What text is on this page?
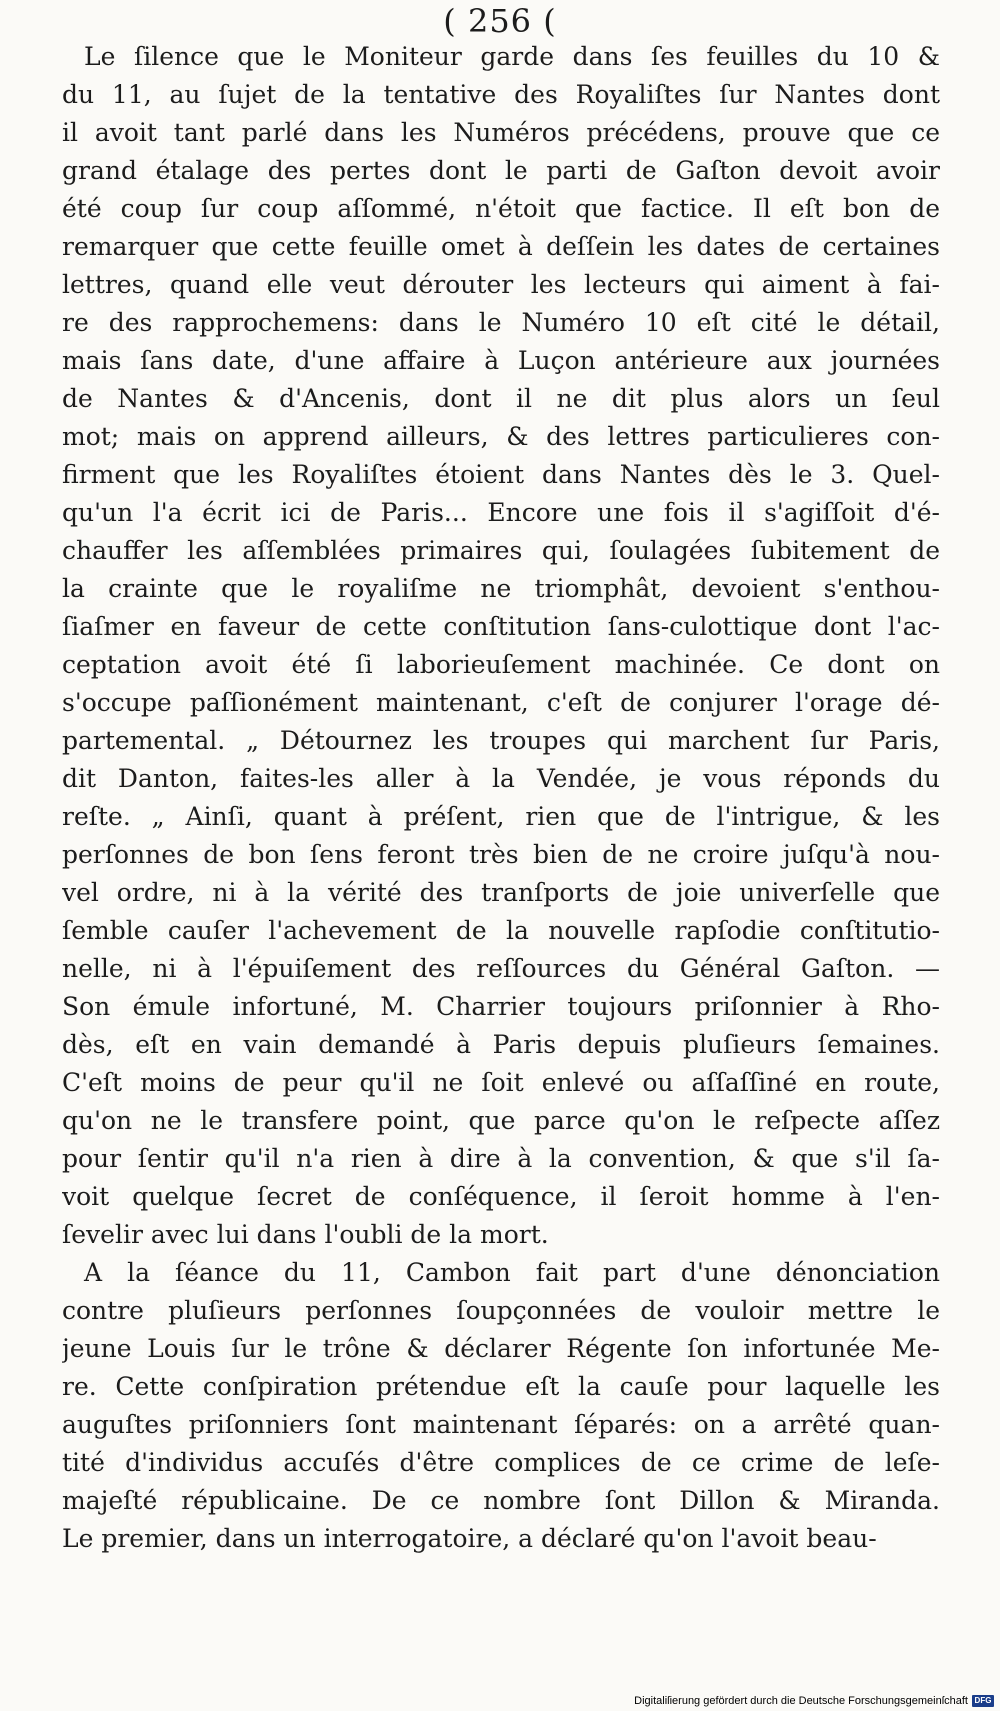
( 256 (
Le ſilence que le Moniteur garde dans ſes feuilles du 10 &
du 11, au ſujet de la tentative des Royaliſtes ſur Nantes dont
il avoit tant parlé dans les Numéros précédens, prouve que ce
grand étalage des pertes dont le parti de Gaſton devoit avoir
été coup ſur coup aſſommé, n'étoit que factice. Il eſt bon de
remarquer que cette feuille omet à deſſein les dates de certaines
lettres, quand elle veut dérouter les lecteurs qui aiment à fai-
re des rapprochemens: dans le Numéro 10 eſt cité le détail,
mais ſans date, d'une affaire à Luçon antérieure aux journées
de Nantes & d'Ancenis, dont il ne dit plus alors un ſeul
mot; mais on apprend ailleurs, & des lettres particulieres con-
firment que les Royaliſtes étoient dans Nantes dès le 3. Quel-
qu'un l'a écrit ici de Paris... Encore une fois il s'agiſſoit d'é-
chauffer les aſſemblées primaires qui, ſoulagées ſubitement de
la crainte que le royaliſme ne triomphât, devoient s'enthou-
ſiaſmer en faveur de cette conſtitution ſans-culottique dont l'ac-
ceptation avoit été ſi laborieuſement machinée. Ce dont on
s'occupe paſſionément maintenant, c'eſt de conjurer l'orage dé-
partemental. „ Détournez les troupes qui marchent ſur Paris,
dit Danton, faites-les aller à la Vendée, je vous réponds du
reſte. „ Ainſi, quant à préſent, rien que de l'intrigue, & les
perſonnes de bon ſens feront très bien de ne croire juſqu'à nou-
vel ordre, ni à la vérité des tranſports de joie univerſelle que
ſemble cauſer l'achevement de la nouvelle rapſodie conſtitutio-
nelle, ni à l'épuiſement des reſſources du Général Gaſton. —
Son émule infortuné, M. Charrier toujours priſonnier à Rho-
dès, eſt en vain demandé à Paris depuis pluſieurs ſemaines.
C'eſt moins de peur qu'il ne ſoit enlevé ou aſſaſſiné en route,
qu'on ne le transfere point, que parce qu'on le reſpecte aſſez
pour ſentir qu'il n'a rien à dire à la convention, & que s'il ſa-
voit quelque ſecret de conſéquence, il ſeroit homme à l'en-
ſevelir avec lui dans l'oubli de la mort.
A la ſéance du 11, Cambon fait part d'une dénonciation
contre pluſieurs perſonnes ſoupçonnées de vouloir mettre le
jeune Louis ſur le trône & déclarer Régente ſon infortunée Me-
re. Cette conſpiration prétendue eſt la cauſe pour laquelle les
auguſtes priſonniers ſont maintenant ſéparés: on a arrêté quan-
tité d'individus accuſés d'être complices de ce crime de leſe-
majeſté républicaine. De ce nombre ſont Dillon & Miranda.
Le premier, dans un interrogatoire, a déclaré qu'on l'avoit beau-
Digitaliſierung gefördert durch die Deutsche Forschungsgemeinſchaft DFG
